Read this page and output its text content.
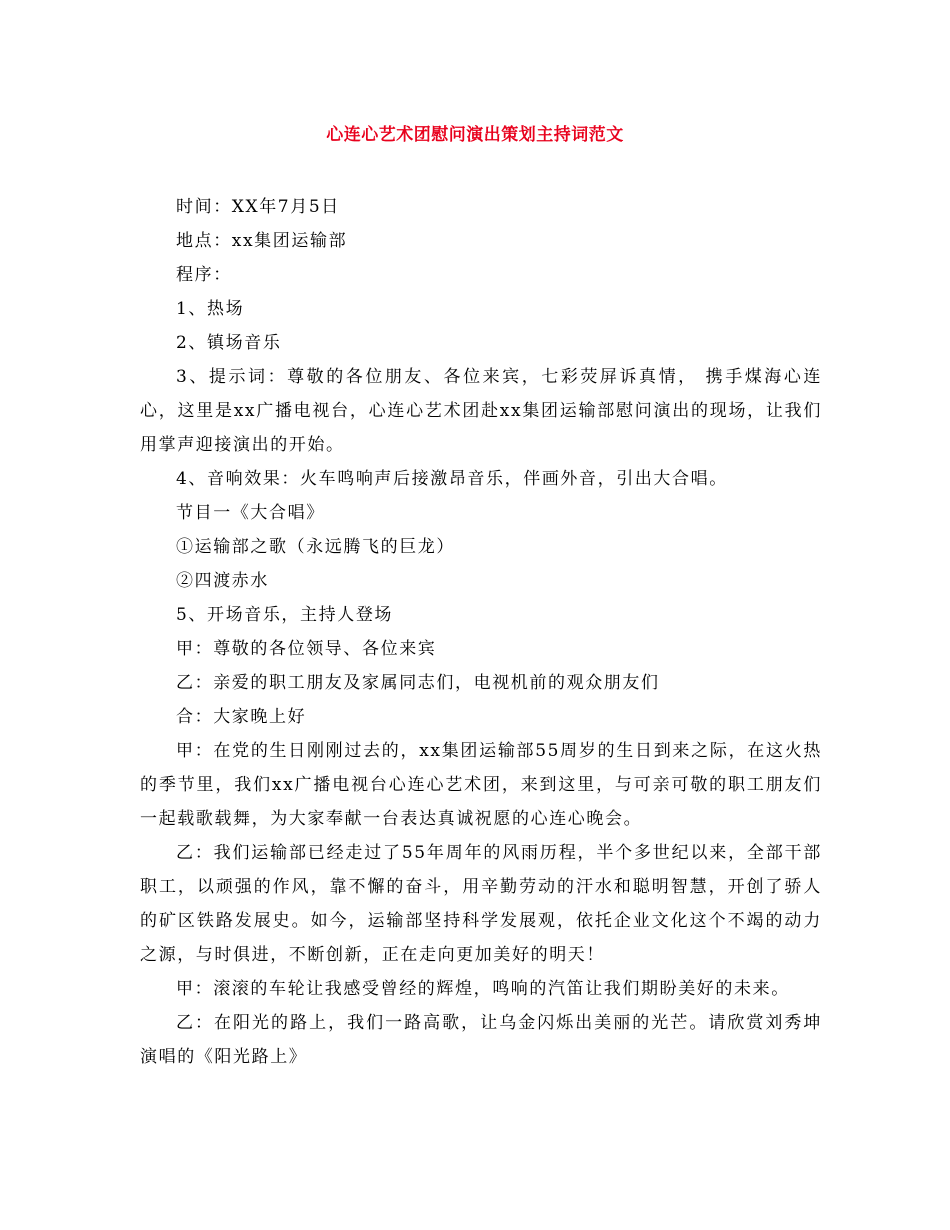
心连心艺术团慰问演出策划主持词范文

时间：XX年7月5日

地点：xx集团运输部

程序：

1、热场

2、镇场音乐

3、提示词：尊敬的各位朋友、各位来宾，七彩荧屏诉真情， 携手煤海心连心，这里是xx广播电视台，心连心艺术团赴xx集团运输部慰问演出的现场，让我们用掌声迎接演出的开始。

4、音响效果：火车鸣响声后接激昂音乐，伴画外音，引出大合唱。

节目一《大合唱》

①运输部之歌（永远腾飞的巨龙）

②四渡赤水

5、开场音乐，主持人登场

甲：尊敬的各位领导、各位来宾

乙：亲爱的职工朋友及家属同志们，电视机前的观众朋友们

合：大家晚上好

甲：在党的生日刚刚过去的，xx集团运输部55周岁的生日到来之际，在这火热的季节里，我们xx广播电视台心连心艺术团，来到这里，与可亲可敬的职工朋友们一起载歌载舞，为大家奉献一台表达真诚祝愿的心连心晚会。

乙：我们运输部已经走过了55年周年的风雨历程，半个多世纪以来，全部干部职工，以顽强的作风，靠不懈的奋斗，用辛勤劳动的汗水和聪明智慧，开创了骄人的矿区铁路发展史。如今，运输部坚持科学发展观，依托企业文化这个不竭的动力之源，与时俱进，不断创新，正在走向更加美好的明天！

甲：滚滚的车轮让我感受曾经的辉煌，鸣响的汽笛让我们期盼美好的未来。

乙：在阳光的路上，我们一路高歌，让乌金闪烁出美丽的光芒。请欣赏刘秀坤演唱的《阳光路上》
